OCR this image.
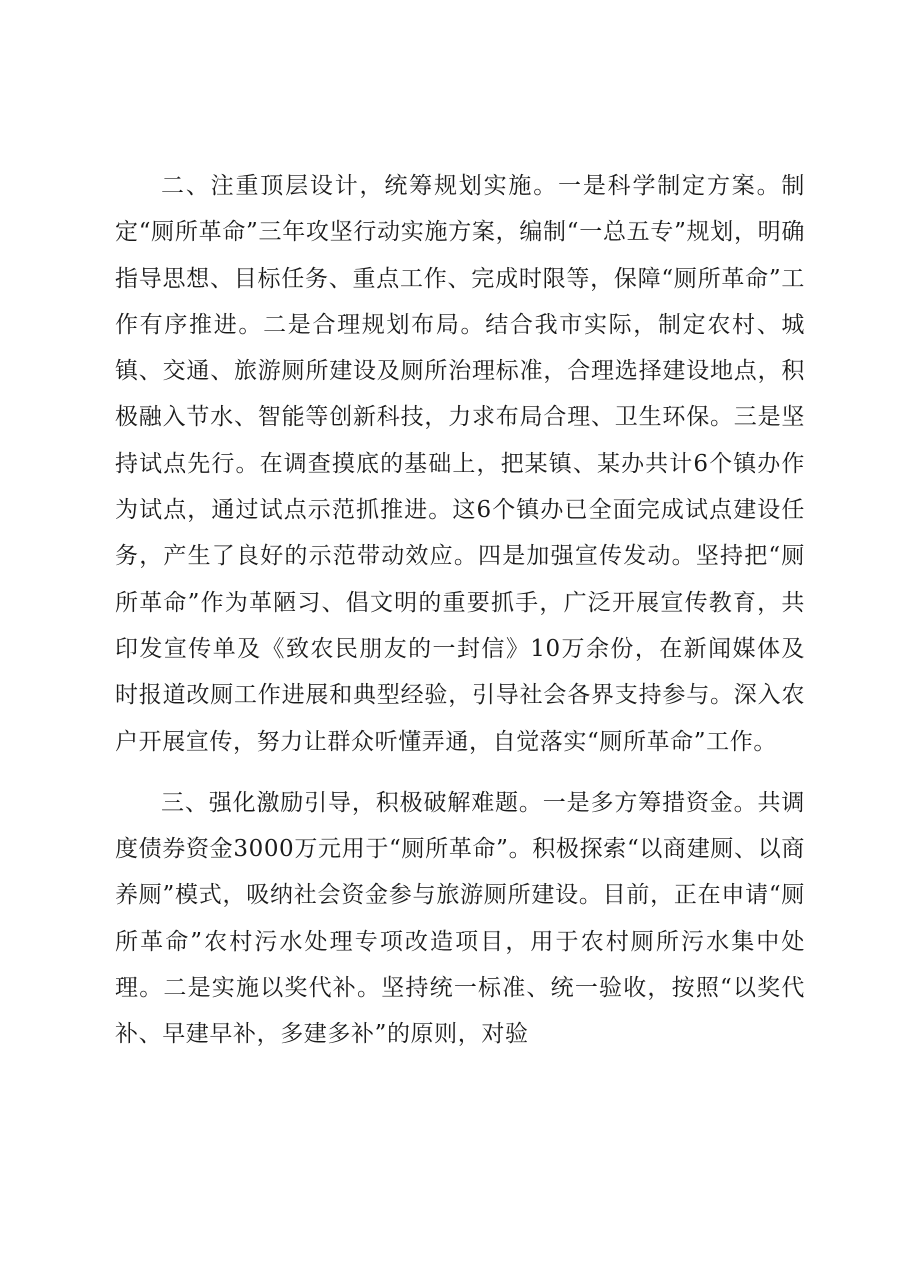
二、注重顶层设计，统筹规划实施。一是科学制定方案。制定“厕所革命”三年攻坚行动实施方案，编制“一总五专”规划，明确指导思想、目标任务、重点工作、完成时限等，保障“厕所革命”工作有序推进。二是合理规划布局。结合我市实际，制定农村、城镇、交通、旅游厕所建设及厕所治理标准，合理选择建设地点，积极融入节水、智能等创新科技，力求布局合理、卫生环保。三是坚持试点先行。在调查摸底的基础上，把某镇、某办共计6个镇办作为试点，通过试点示范抓推进。这6个镇办已全面完成试点建设任务，产生了良好的示范带动效应。四是加强宣传发动。坚持把“厕所革命”作为革陋习、倡文明的重要抓手，广泛开展宣传教育，共印发宣传单及《致农民朋友的一封信》10万余份，在新闻媒体及时报道改厕工作进展和典型经验，引导社会各界支持参与。深入农户开展宣传，努力让群众听懂弄通，自觉落实“厕所革命”工作。

三、强化激励引导，积极破解难题。一是多方筹措资金。共调度债券资金3000万元用于“厕所革命”。积极探索“以商建厕、以商养厕”模式，吸纳社会资金参与旅游厕所建设。目前，正在申请“厕所革命”农村污水处理专项改造项目，用于农村厕所污水集中处理。二是实施以奖代补。坚持统一标准、统一验收，按照“以奖代补、早建早补，多建多补”的原则，对验
